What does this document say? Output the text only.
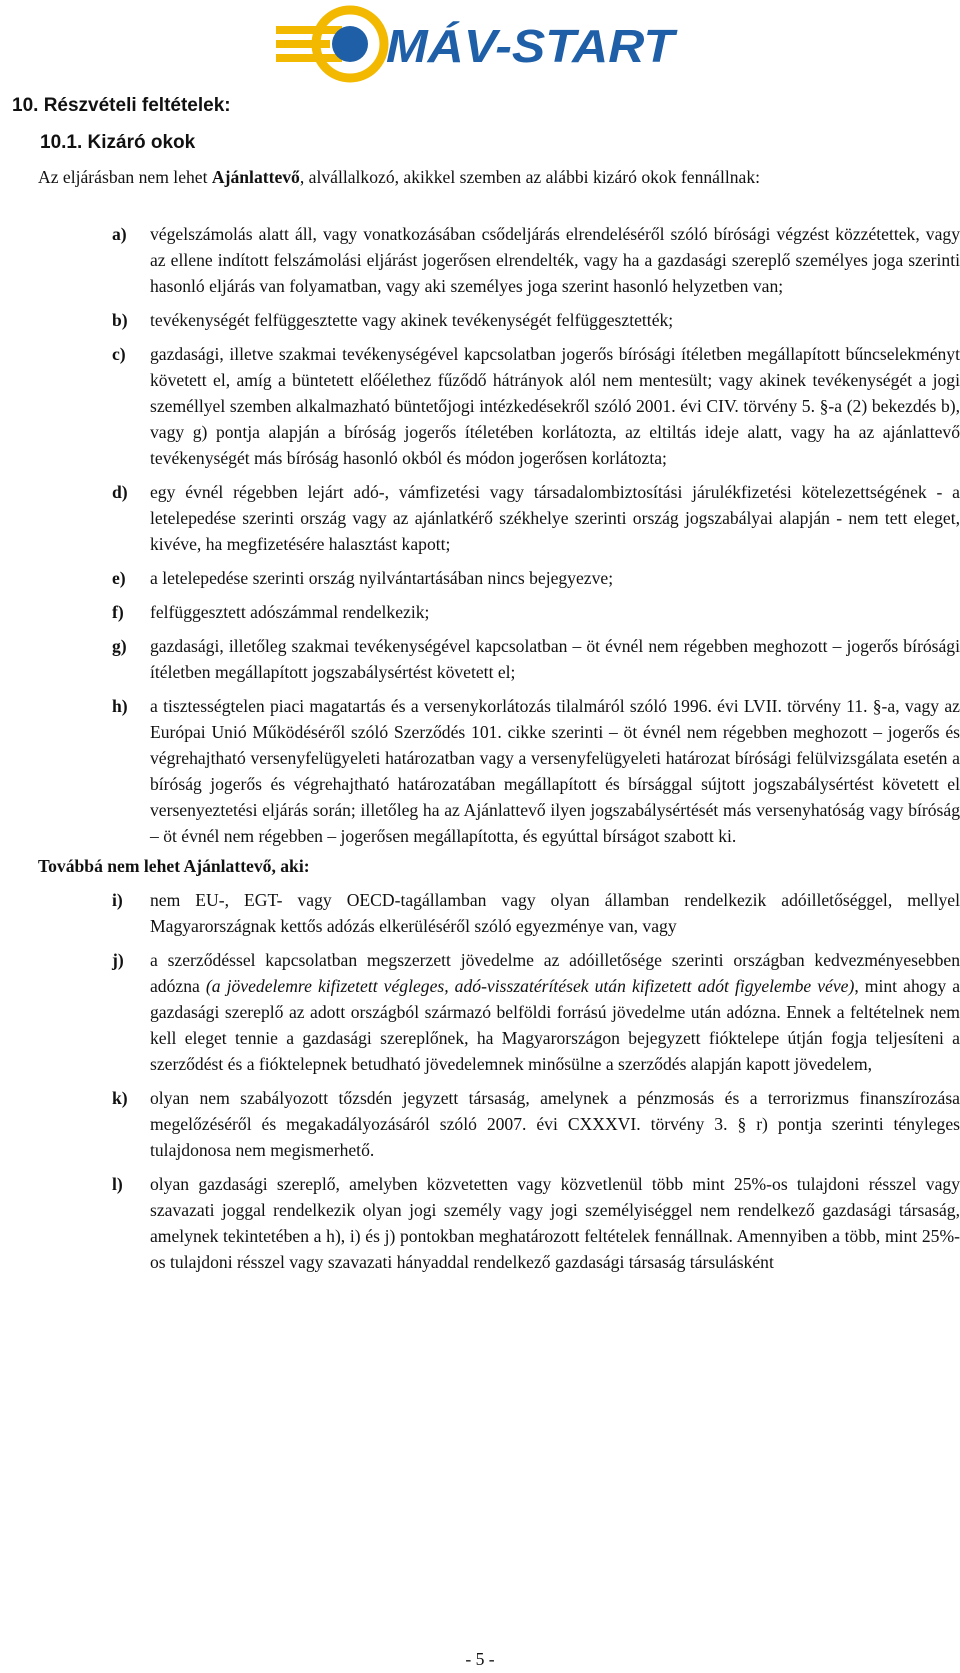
MÁV-START
10. Részvételi feltételek:
10.1. Kizáró okok
Az eljárásban nem lehet Ajánlattevő, alvállalkozó, akikkel szemben az alábbi kizáró okok fennállnak:
a) végelszámolás alatt áll, vagy vonatkozásában csődeljárás elrendeléséről szóló bírósági végzést közzétettek, vagy az ellene indított felszámolási eljárást jogerősen elrendelték, vagy ha a gazdasági szereplő személyes joga szerinti hasonló eljárás van folyamatban, vagy aki személyes joga szerint hasonló helyzetben van;
b) tevékenységét felfüggesztette vagy akinek tevékenységét felfüggesztették;
c) gazdasági, illetve szakmai tevékenységével kapcsolatban jogerős bírósági ítéletben megállapított bűncselekményt követett el, amíg a büntetett előélethez fűződő hátrányok alól nem mentesült; vagy akinek tevékenységét a jogi személlyel szemben alkalmazható büntetőjogi intézkedésekről szóló 2001. évi CIV. törvény 5. §-a (2) bekezdés b), vagy g) pontja alapján a bíróság jogerős ítéletében korlátozta, az eltiltás ideje alatt, vagy ha az ajánlattevő tevékenységét más bíróság hasonló okból és módon jogerősen korlátozta;
d) egy évnél régebben lejárt adó-, vámfizetési vagy társadalombiztosítási járulékfizetési kötelezettségének - a letelepedése szerinti ország vagy az ajánlatkérő székhelye szerinti ország jogszabályai alapján - nem tett eleget, kivéve, ha megfizetésére halasztást kapott;
e) a letelepedése szerinti ország nyilvántartásában nincs bejegyezve;
f) felfüggesztett adószámmal rendelkezik;
g) gazdasági, illetőleg szakmai tevékenységével kapcsolatban – öt évnél nem régebben meghozott – jogerős bírósági ítéletben megállapított jogszabálysértést követett el;
h) a tisztességtelen piaci magatartás és a versenykorlátozás tilalmáról szóló 1996. évi LVII. törvény 11. §-a, vagy az Európai Unió Működéséről szóló Szerződés 101. cikke szerinti – öt évnél nem régebben meghozott – jogerős és végrehajtható versenyfelügyeleti határozatban vagy a versenyfelügyeleti határozat bírósági felülvizsgálata esetén a bíróság jogerős és végrehajtható határozatában megállapított és bírsággal sújtott jogszabálysértést követett el versenyeztetési eljárás során; illetőleg ha az Ajánlattevő ilyen jogszabálysértését más versenyhatóság vagy bíróság – öt évnél nem régebben – jogerősen megállapította, és egyúttal bírságot szabott ki.
Továbbá nem lehet Ajánlattevő, aki:
i) nem EU-, EGT- vagy OECD-tagállamban vagy olyan államban rendelkezik adóilletőséggel, mellyel Magyarországnak kettős adózás elkerüléséről szóló egyezménye van, vagy
j) a szerződéssel kapcsolatban megszerzett jövedelme az adóilletősége szerinti országban kedvezményesebben adózna (a jövedelemre kifizetett végleges, adó-visszatérítések után kifizetett adót figyelembe véve), mint ahogy a gazdasági szereplő az adott országból származó belföldi forrású jövedelme után adózna. Ennek a feltételnek nem kell eleget tennie a gazdasági szereplőnek, ha Magyarországon bejegyzett fióktelepe útján fogja teljesíteni a szerződést és a fióktelepnek betudható jövedelemnek minősülne a szerződés alapján kapott jövedelem,
k) olyan nem szabályozott tőzsdén jegyzett társaság, amelynek a pénzmosás és a terrorizmus finanszírozása megelőzéséről és megakadályozásáról szóló 2007. évi CXXXVI. törvény 3. § r) pontja szerinti tényleges tulajdonosa nem megismerhető.
l) olyan gazdasági szereplő, amelyben közvetetten vagy közvetlenül több mint 25%-os tulajdoni résszel vagy szavazati joggal rendelkezik olyan jogi személy vagy jogi személyiséggel nem rendelkező gazdasági társaság, amelynek tekintetében a h), i) és j) pontokban meghatározott feltételek fennállnak. Amennyiben a több, mint 25%-os tulajdoni résszel vagy szavazati hányaddal rendelkező gazdasági társaság társulásként
- 5 -
